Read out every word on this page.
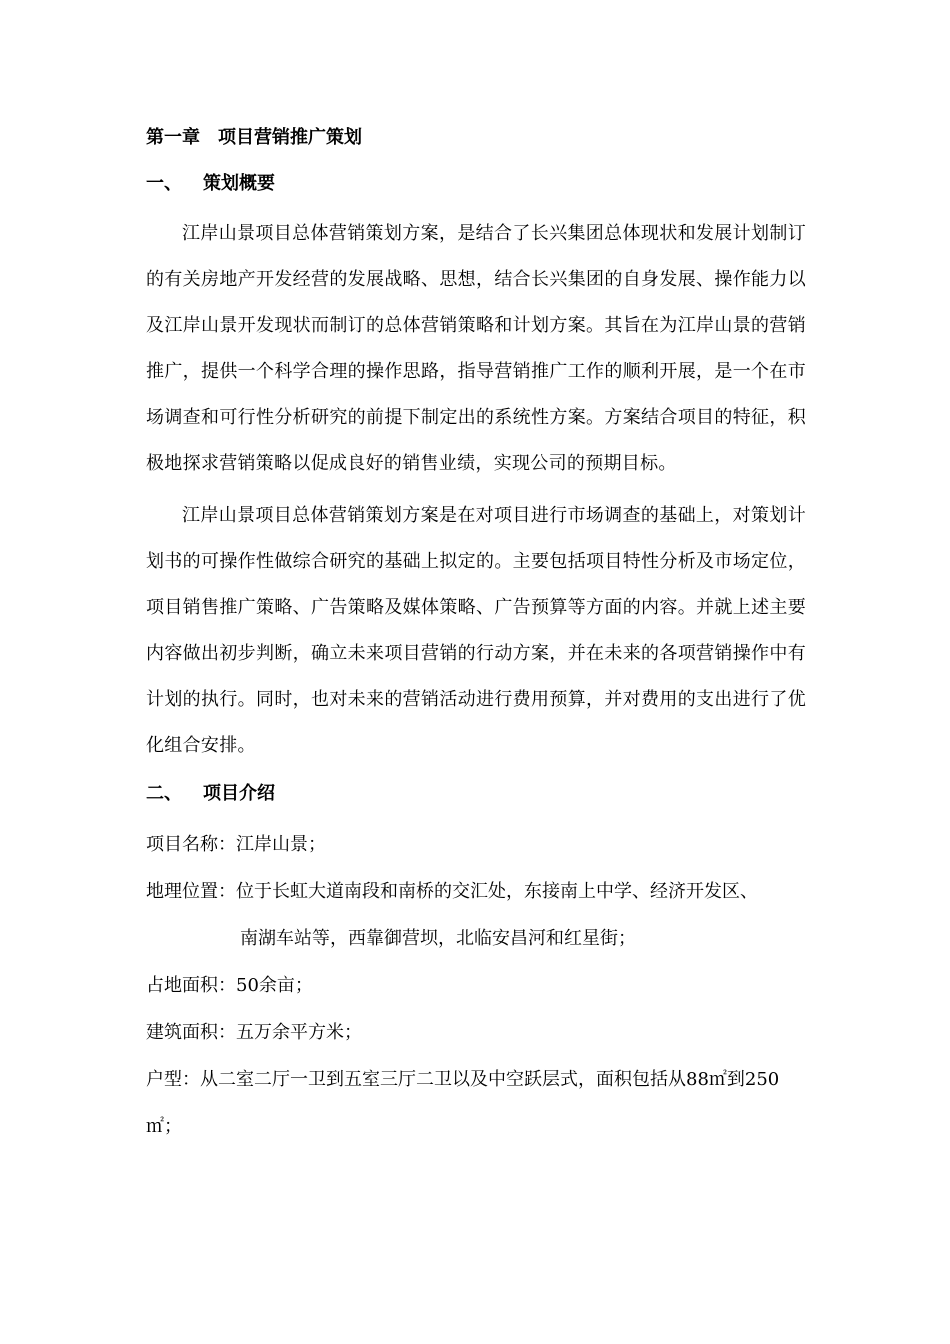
第一章　项目营销推广策划
一、 策划概要

江岸山景项目总体营销策划方案，是结合了长兴集团总体现状和发展计划制订的有关房地产开发经营的发展战略、思想，结合长兴集团的自身发展、操作能力以及江岸山景开发现状而制订的总体营销策略和计划方案。其旨在为江岸山景的营销推广，提供一个科学合理的操作思路，指导营销推广工作的顺利开展，是一个在市场调查和可行性分析研究的前提下制定出的系统性方案。方案结合项目的特征，积极地探求营销策略以促成良好的销售业绩，实现公司的预期目标。

江岸山景项目总体营销策划方案是在对项目进行市场调查的基础上，对策划计划书的可操作性做综合研究的基础上拟定的。主要包括项目特性分析及市场定位，项目销售推广策略、广告策略及媒体策略、广告预算等方面的内容。并就上述主要内容做出初步判断，确立未来项目营销的行动方案，并在未来的各项营销操作中有计划的执行。同时，也对未来的营销活动进行费用预算，并对费用的支出进行了优化组合安排。

二、 项目介绍

项目名称：江岸山景；

地理位置：位于长虹大道南段和南桥的交汇处，东接南上中学、经济开发区、

南湖车站等，西靠御营坝，北临安昌河和红星街；

占地面积：50余亩；

建筑面积：五万余平方米；

户型：从二室二厅一卫到五室三厅二卫以及中空跃层式，面积包括从88㎡到250㎡；
